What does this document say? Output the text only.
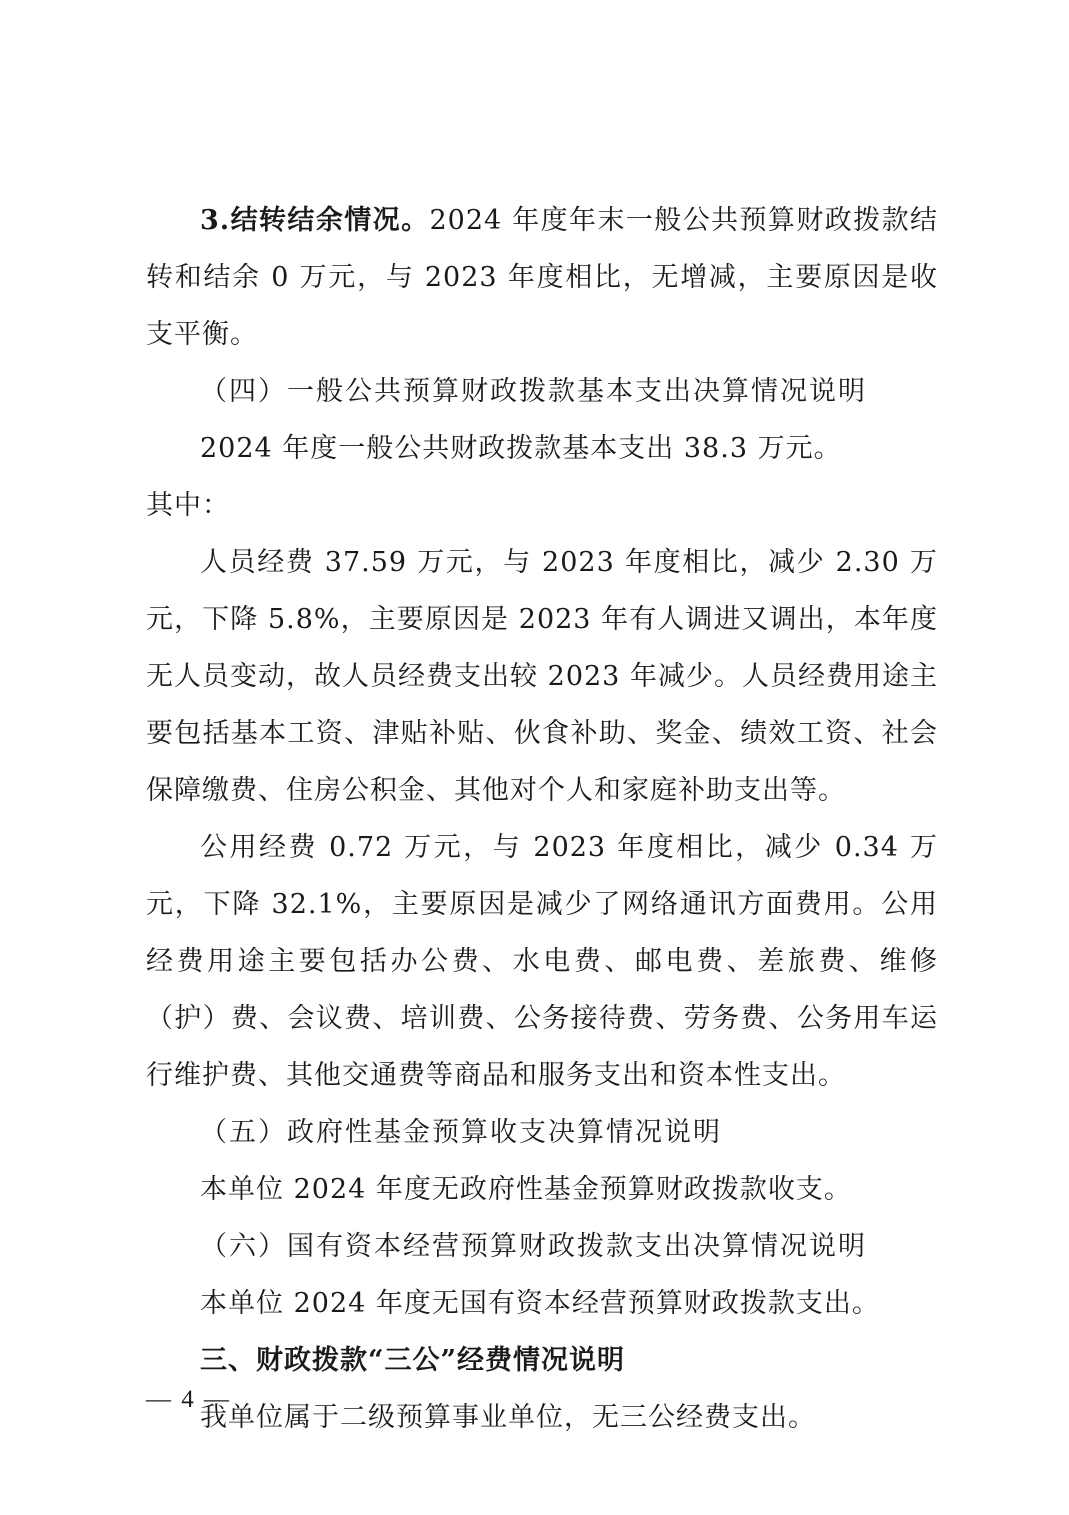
3.结转结余情况。2024 年度年末一般公共预算财政拨款结转和结余 0 万元，与 2023 年度相比，无增减，主要原因是收支平衡。

（四）一般公共预算财政拨款基本支出决算情况说明

2024 年度一般公共财政拨款基本支出 38.3 万元。

其中：

人员经费 37.59 万元，与 2023 年度相比，减少 2.30 万元，下降 5.8%，主要原因是 2023 年有人调进又调出，本年度无人员变动，故人员经费支出较 2023 年减少。人员经费用途主要包括基本工资、津贴补贴、伙食补助、奖金、绩效工资、社会保障缴费、住房公积金、其他对个人和家庭补助支出等。

公用经费 0.72 万元，与 2023 年度相比，减少 0.34 万元，下降 32.1%，主要原因是减少了网络通讯方面费用。公用经费用途主要包括办公费、水电费、邮电费、差旅费、维修（护）费、会议费、培训费、公务接待费、劳务费、公务用车运行维护费、其他交通费等商品和服务支出和资本性支出。

（五）政府性基金预算收支决算情况说明

本单位 2024 年度无政府性基金预算财政拨款收支。

（六）国有资本经营预算财政拨款支出决算情况说明

本单位 2024 年度无国有资本经营预算财政拨款支出。

三、财政拨款“三公”经费情况说明

我单位属于二级预算事业单位，无三公经费支出。

— 4 —
